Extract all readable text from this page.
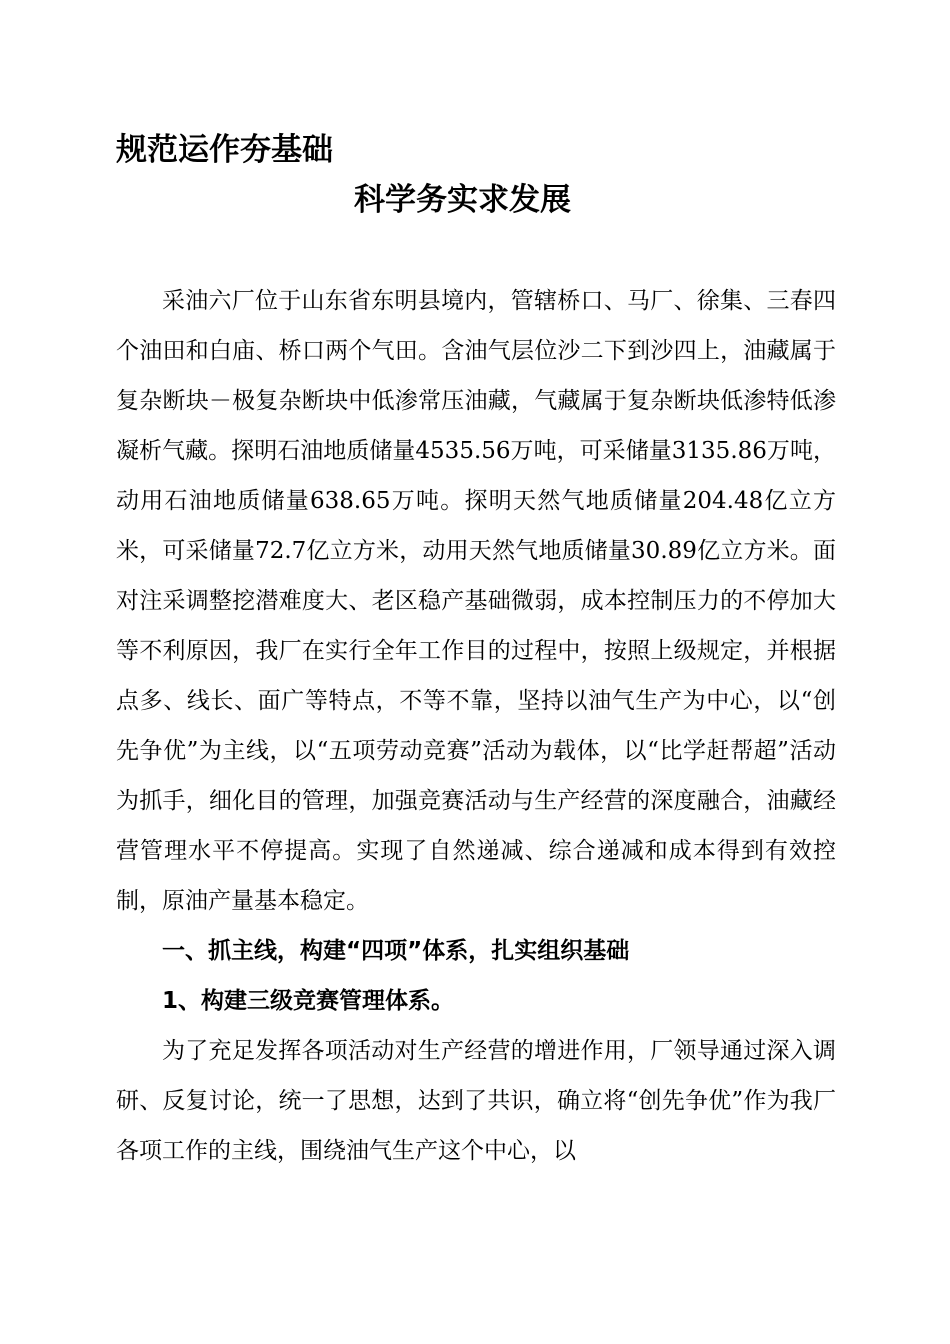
规范运作夯基础
科学务实求发展

采油六厂位于山东省东明县境内，管辖桥口、马厂、徐集、三春四个油田和白庙、桥口两个气田。含油气层位沙二下到沙四上，油藏属于复杂断块－极复杂断块中低渗常压油藏，气藏属于复杂断块低渗特低渗凝析气藏。探明石油地质储量4535.56万吨，可采储量3135.86万吨，动用石油地质储量638.65万吨。探明天然气地质储量204.48亿立方米，可采储量72.7亿立方米，动用天然气地质储量30.89亿立方米。面对注采调整挖潜难度大、老区稳产基础微弱，成本控制压力的不停加大等不利原因，我厂在实行全年工作目的过程中，按照上级规定，并根据点多、线长、面广等特点，不等不靠，坚持以油气生产为中心，以“创先争优”为主线，以“五项劳动竞赛”活动为载体，以“比学赶帮超”活动为抓手，细化目的管理，加强竞赛活动与生产经营的深度融合，油藏经营管理水平不停提高。实现了自然递减、综合递减和成本得到有效控制，原油产量基本稳定。

一、抓主线，构建“四项”体系，扎实组织基础

1、构建三级竞赛管理体系。

为了充足发挥各项活动对生产经营的增进作用，厂领导通过深入调研、反复讨论，统一了思想，达到了共识，确立将“创先争优”作为我厂各项工作的主线，围绕油气生产这个中心，以
